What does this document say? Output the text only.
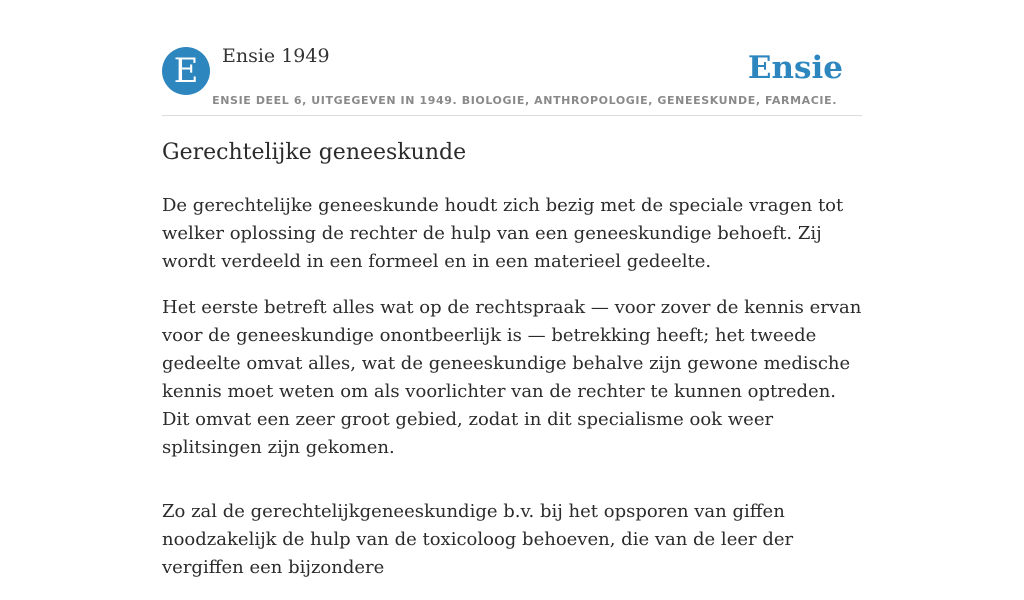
E	Ensie 1949	Ensie
ENSIE DEEL 6, UITGEGEVEN IN 1949. BIOLOGIE, ANTHROPOLOGIE, GENEESKUNDE, FARMACIE.
Gerechtelijke geneeskunde

De gerechtelijke geneeskunde houdt zich bezig met de speciale vragen tot welker oplossing de rechter de hulp van een geneeskundige behoeft. Zij wordt verdeeld in een formeel en in een materieel gedeelte.

Het eerste betreft alles wat op de rechtspraak — voor zover de kennis ervan voor de geneeskundige onontbeerlijk is — betrekking heeft; het tweede gedeelte omvat alles, wat de geneeskundige behalve zijn gewone medische kennis moet weten om als voorlichter van de rechter te kunnen optreden. Dit omvat een zeer groot gebied, zodat in dit specialisme ook weer splitsingen zijn gekomen.

Zo zal de gerechtelijkgeneeskundige b.v. bij het opsporen van giffen noodzakelijk de hulp van de toxicoloog behoeven, die van de leer der vergiffen een bijzondere
